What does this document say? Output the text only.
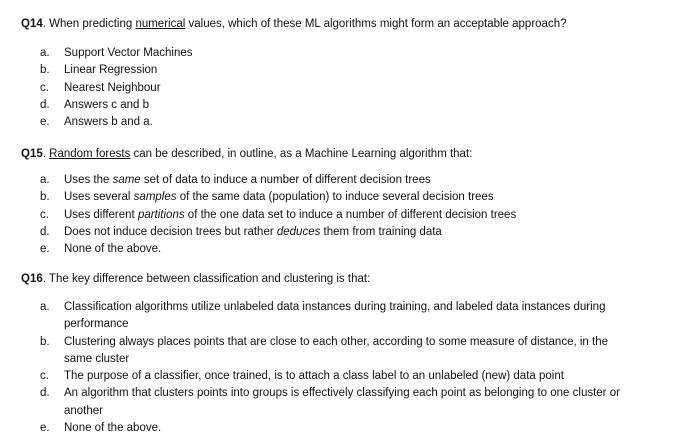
Q14. When predicting numerical values, which of these ML algorithms might form an acceptable approach?
a. Support Vector Machines
b. Linear Regression
c. Nearest Neighbour
d. Answers c and b
e. Answers b and a.
Q15. Random forests can be described, in outline, as a Machine Learning algorithm that:
a. Uses the same set of data to induce a number of different decision trees
b. Uses several samples of the same data (population) to induce several decision trees
c. Uses different partitions of the one data set to induce a number of different decision trees
d. Does not induce decision trees but rather deduces them from training data
e. None of the above.
Q16. The key difference between classification and clustering is that:
a. Classification algorithms utilize unlabeled data instances during training, and labeled data instances during performance
b. Clustering always places points that are close to each other, according to some measure of distance, in the same cluster
c. The purpose of a classifier, once trained, is to attach a class label to an unlabeled (new) data point
d. An algorithm that clusters points into groups is effectively classifying each point as belonging to one cluster or another
e. None of the above.
